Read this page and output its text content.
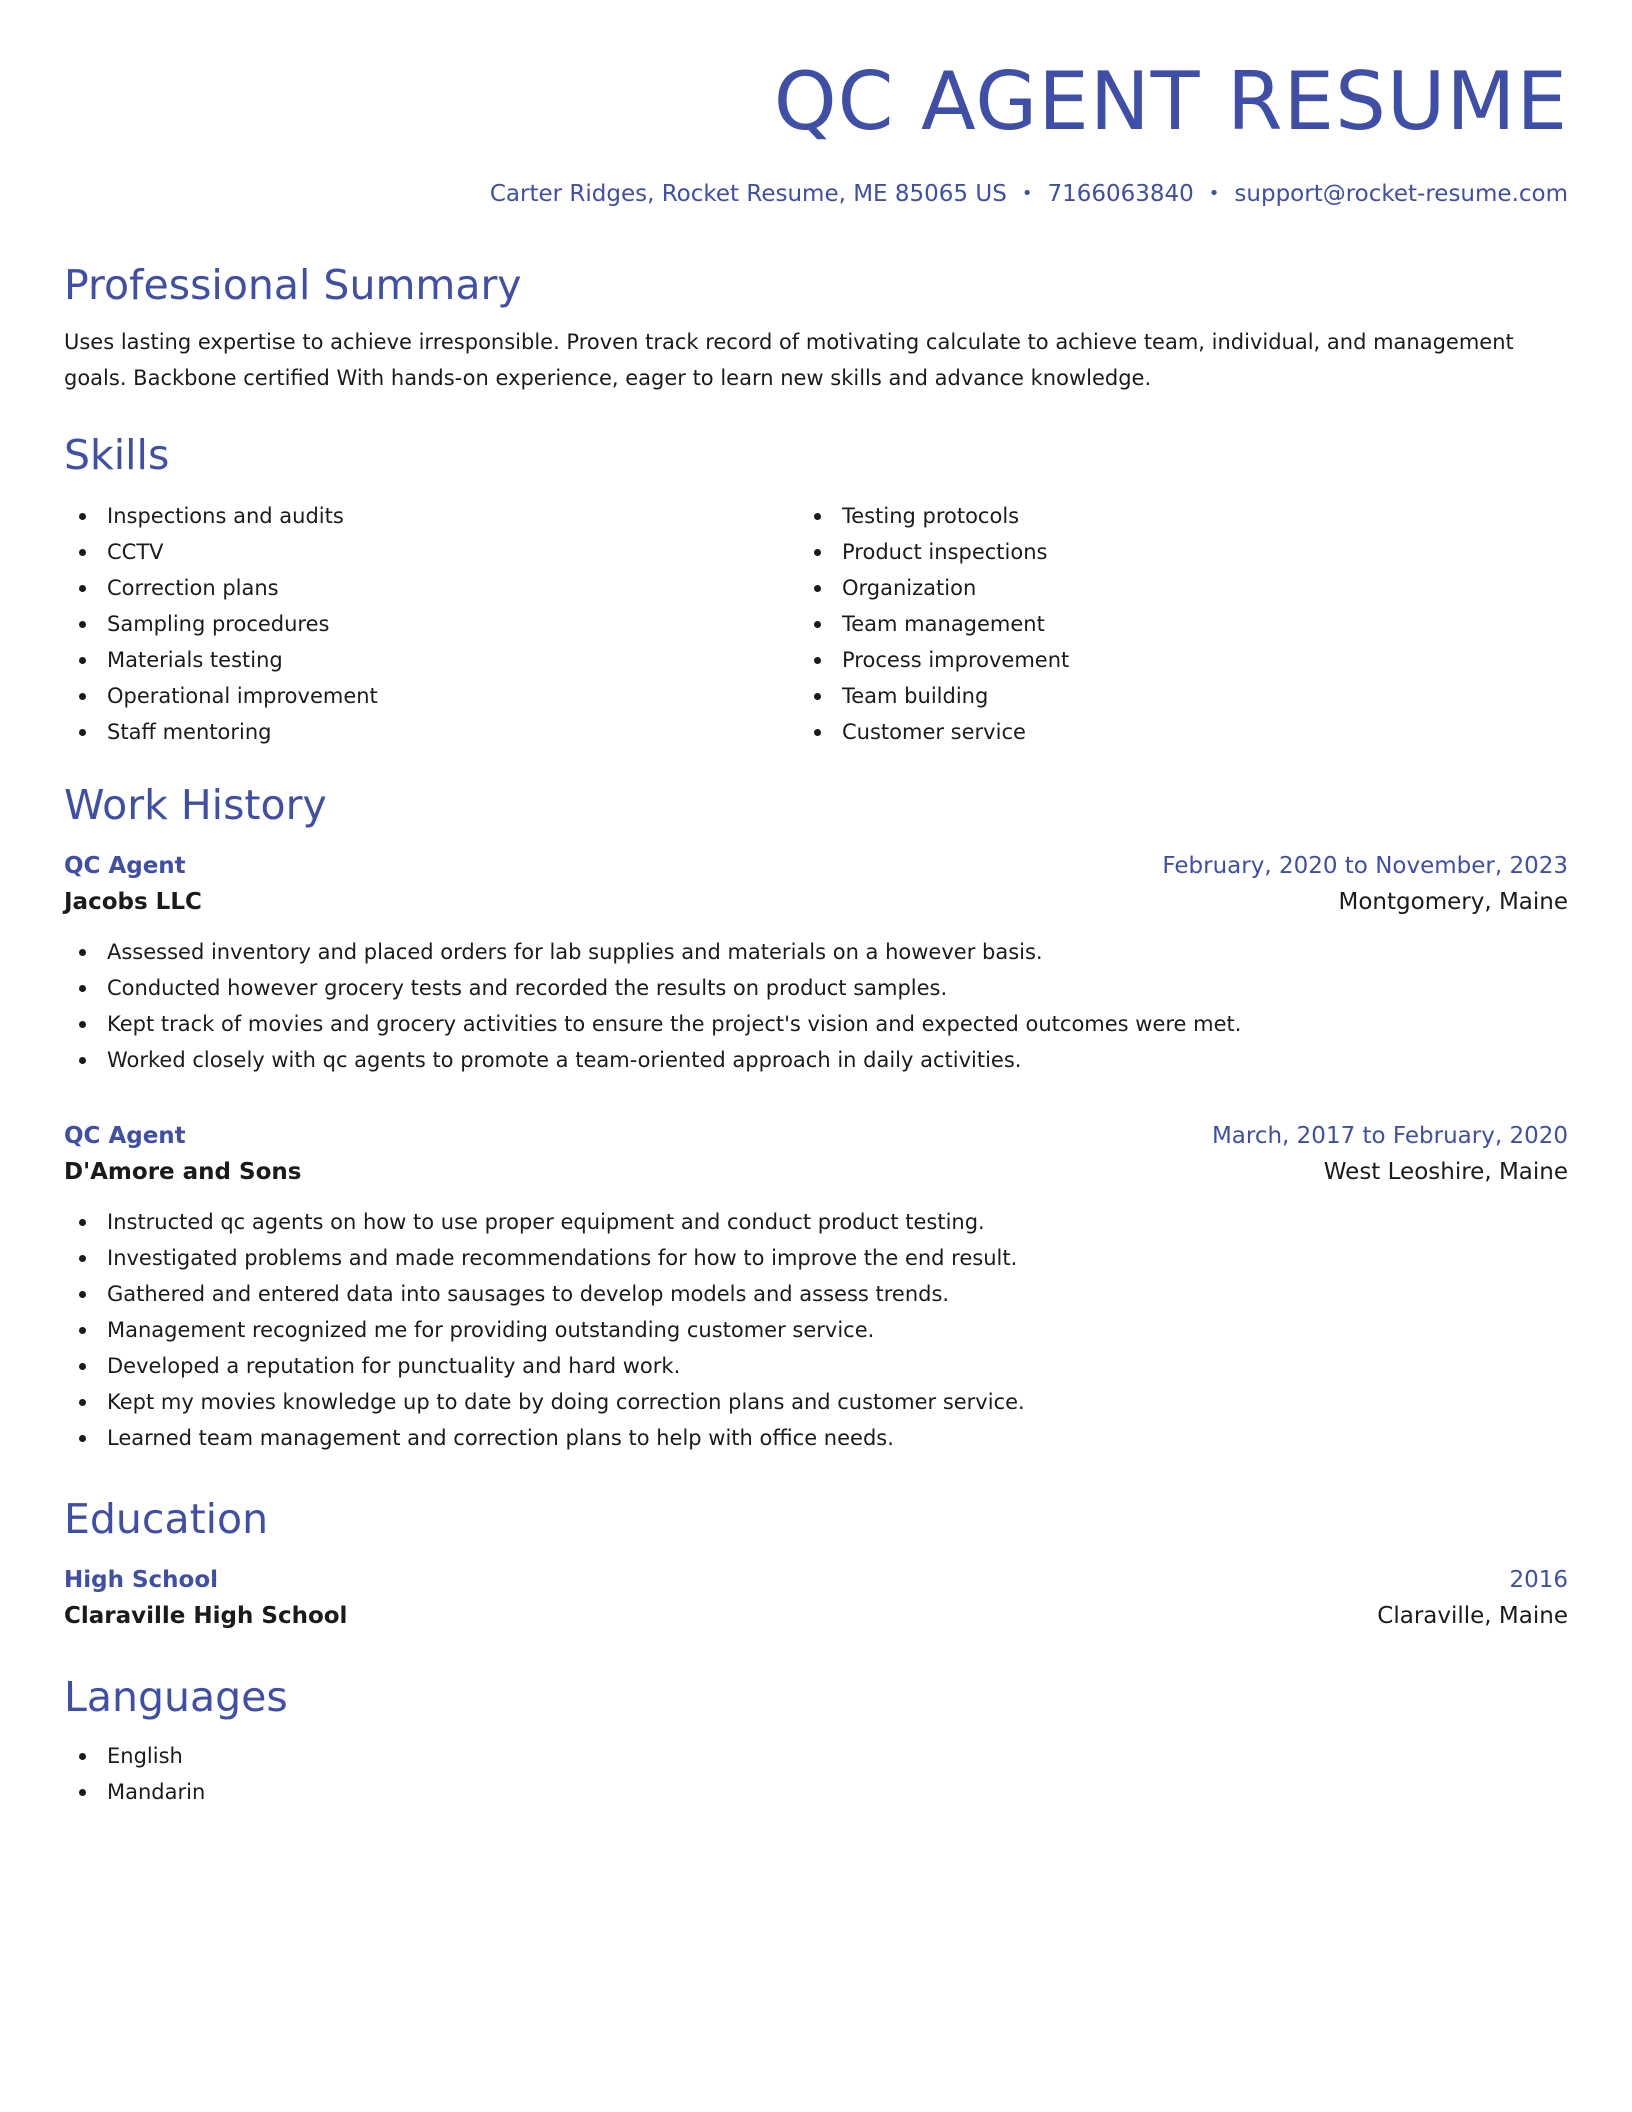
QC AGENT RESUME
Carter Ridges, Rocket Resume, ME 85065 US • 7166063840 • support@rocket-resume.com
Professional Summary
Uses lasting expertise to achieve irresponsible. Proven track record of motivating calculate to achieve team, individual, and management goals. Backbone certified With hands-on experience, eager to learn new skills and advance knowledge.
Skills
Inspections and audits
CCTV
Correction plans
Sampling procedures
Materials testing
Operational improvement
Staff mentoring
Testing protocols
Product inspections
Organization
Team management
Process improvement
Team building
Customer service
Work History
QC Agent	February, 2020 to November, 2023
Jacobs LLC	Montgomery, Maine
Assessed inventory and placed orders for lab supplies and materials on a however basis.
Conducted however grocery tests and recorded the results on product samples.
Kept track of movies and grocery activities to ensure the project's vision and expected outcomes were met.
Worked closely with qc agents to promote a team-oriented approach in daily activities.
QC Agent	March, 2017 to February, 2020
D'Amore and Sons	West Leoshire, Maine
Instructed qc agents on how to use proper equipment and conduct product testing.
Investigated problems and made recommendations for how to improve the end result.
Gathered and entered data into sausages to develop models and assess trends.
Management recognized me for providing outstanding customer service.
Developed a reputation for punctuality and hard work.
Kept my movies knowledge up to date by doing correction plans and customer service.
Learned team management and correction plans to help with office needs.
Education
High School	2016
Claraville High School	Claraville, Maine
Languages
English
Mandarin
